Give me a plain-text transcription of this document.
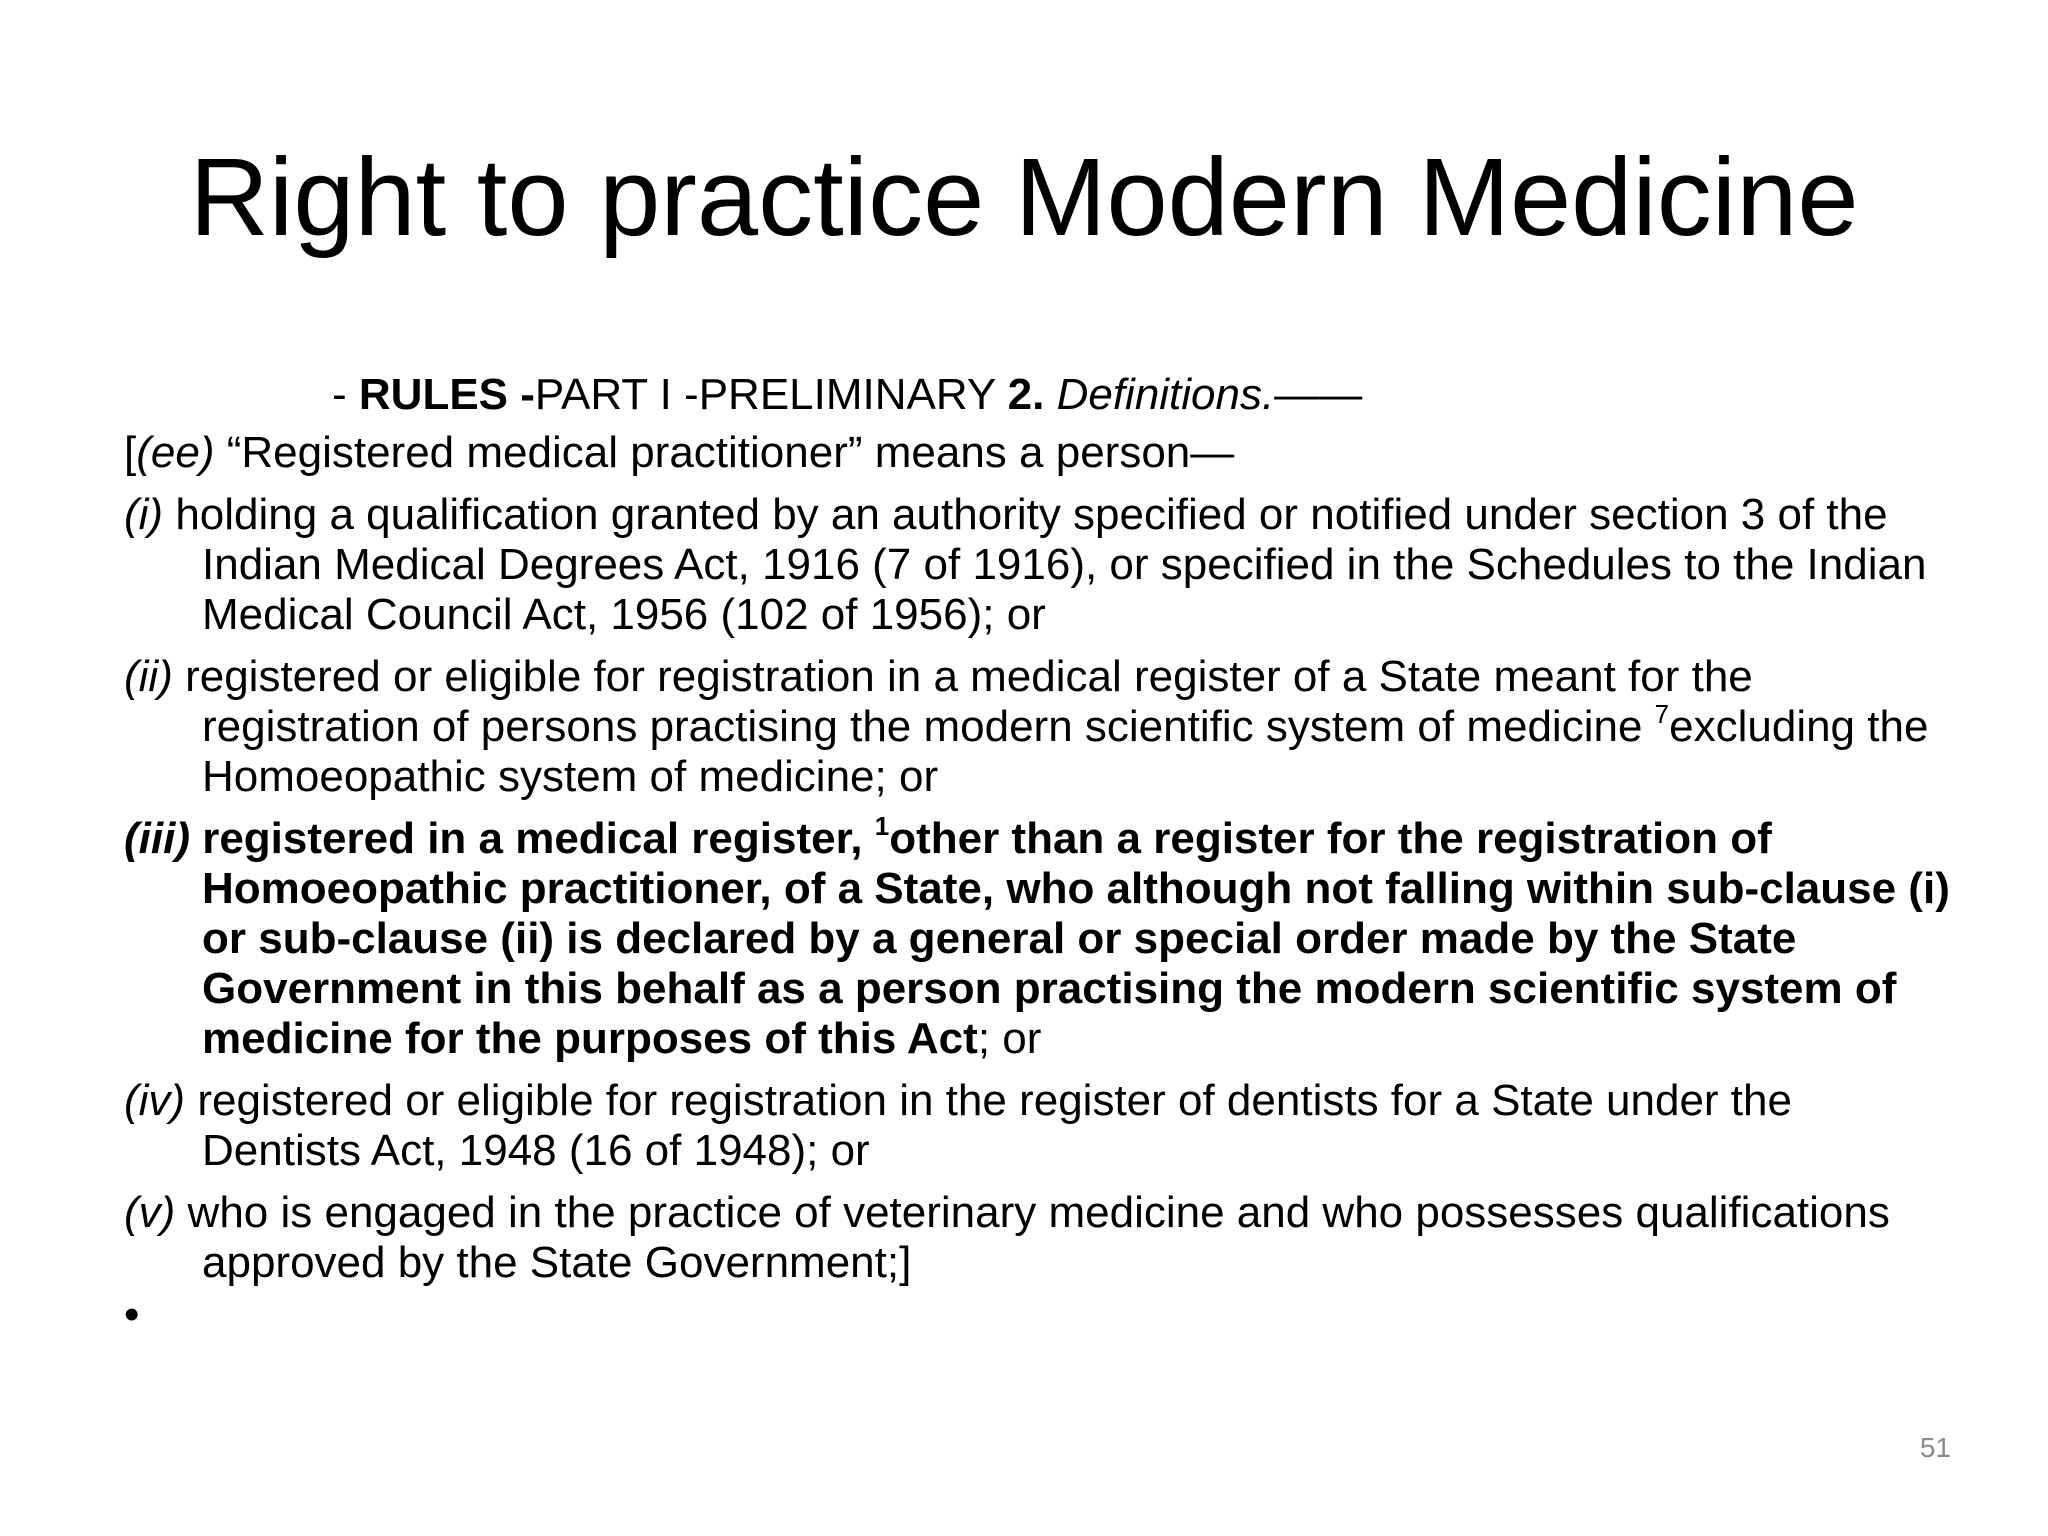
Right to practice Modern Medicine

- RULES -PART I -PRELIMINARY 2. Definitions.——

[(ee) “Registered medical practitioner” means a person—

(i) holding a qualification granted by an authority specified or notified under section 3 of the Indian Medical Degrees Act, 1916 (7 of 1916), or specified in the Schedules to the Indian Medical Council Act, 1956 (102 of 1956); or

(ii) registered or eligible for registration in a medical register of a State meant for the registration of persons practising the modern scientific system of medicine $^7$excluding the Homoeopathic system of medicine; or

(iii) registered in a medical register, $^1$other than a register for the registration of Homoeopathic practitioner, of a State, who although not falling within sub-clause (i) or sub-clause (ii) is declared by a general or special order made by the State Government in this behalf as a person practising the modern scientific system of medicine for the purposes of this Act; or

(iv) registered or eligible for registration in the register of dentists for a State under the Dentists Act, 1948 (16 of 1948); or

(v) who is engaged in the practice of veterinary medicine and who possesses qualifications approved by the State Government;]

•
51
